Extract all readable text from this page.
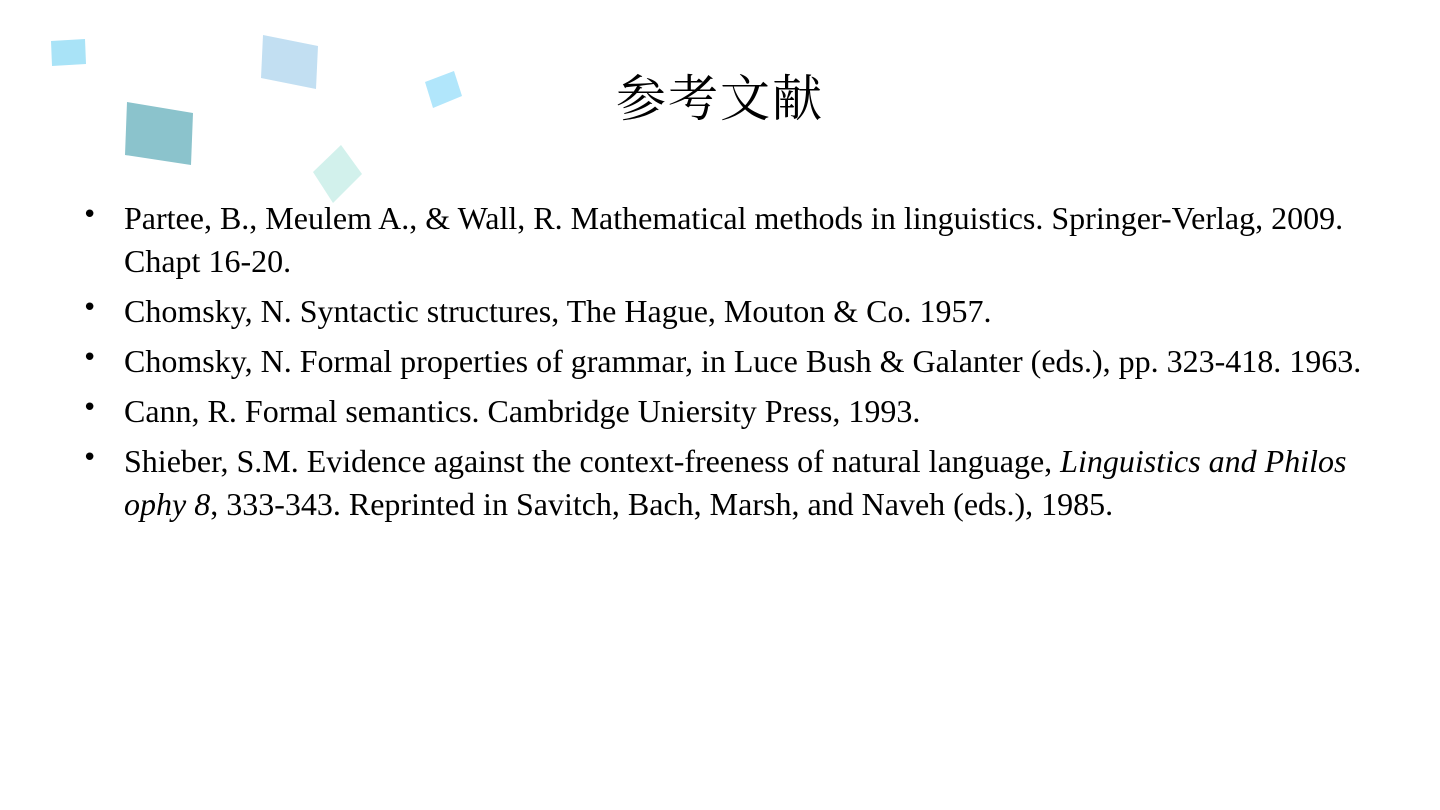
参考文献
• Partee, B., Meulem A., & Wall, R. Mathematical methods in linguistics. Springer-Verlag, 2009. Chapt 16-20.
• Chomsky, N. Syntactic structures, The Hague, Mouton & Co. 1957.
• Chomsky, N. Formal properties of grammar, in Luce Bush & Galanter (eds.), pp. 323-418. 1963.
• Cann, R. Formal semantics. Cambridge Uniersity Press, 1993.
• Shieber, S.M. Evidence against the context-freeness of natural language, Linguistics and Philosophy 8, 333-343. Reprinted in Savitch, Bach, Marsh, and Naveh (eds.), 1985.
